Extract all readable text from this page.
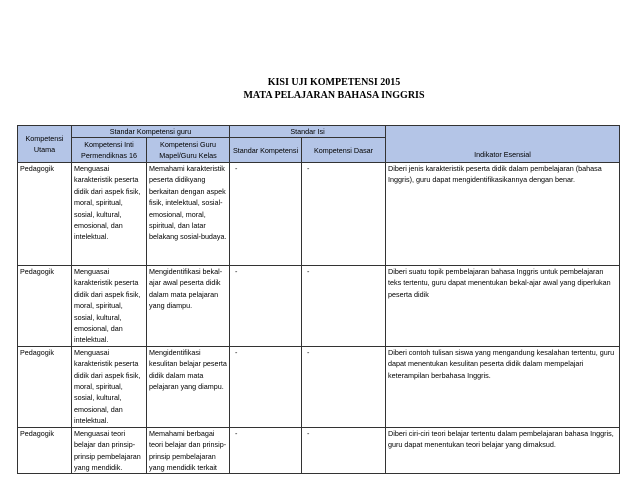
KISI UJI KOMPETENSI 2015
MATA PELAJARAN BAHASA INGGRIS
Kompetensi Utama	Standar Kompetensi guru		Standar Isi		Indikator Esensial
	Kompetensi Inti Permendiknas 16	Kompetensi Guru Mapel/Guru Kelas	Standar Kompetensi	Kompetensi Dasar	
Pedagogik	Menguasai karakteristik peserta didik dari aspek fisik, moral, spiritual, sosial, kultural, emosional, dan intelektual.	Memahami karakteristik peserta didikyang berkaitan dengan aspek fisik, intelektual, sosial-emosional, moral, spiritual, dan latar belakang sosial-budaya.	-	-	Diberi jenis karakteristik peserta didik dalam pembelajaran (bahasa Inggris), guru dapat mengidentifikasikannya dengan benar.
Pedagogik	Menguasai karakteristik peserta didik dari aspek fisik, moral, spiritual, sosial, kultural, emosional, dan intelektual.	Mengidentifikasi bekal-ajar awal peserta didik dalam mata pelajaran yang diampu.	-	-	Diberi suatu topik pembelajaran bahasa Inggris untuk pembelajaran teks tertentu, guru dapat menentukan bekal-ajar awal yang diperlukan peserta didik
Pedagogik	Menguasai karakteristik peserta didik dari aspek fisik, moral, spiritual, sosial, kultural, emosional, dan intelektual.	Mengidentifikasi kesulitan belajar peserta didik dalam mata pelajaran yang diampu.	-	-	Diberi contoh tulisan siswa yang mengandung kesalahan tertentu, guru dapat menentukan kesulitan peserta didik dalam mempelajari keterampilan berbahasa Inggris.
Pedagogik	Menguasai teori belajar dan prinsip-prinsip pembelajaran yang mendidik.	Memahami berbagai teori belajar dan prinsip-prinsip pembelajaran yang mendidik terkait	-	-	Diberi ciri-ciri teori belajar tertentu dalam pembelajaran bahasa Inggris, guru dapat menentukan teori belajar yang dimaksud.
